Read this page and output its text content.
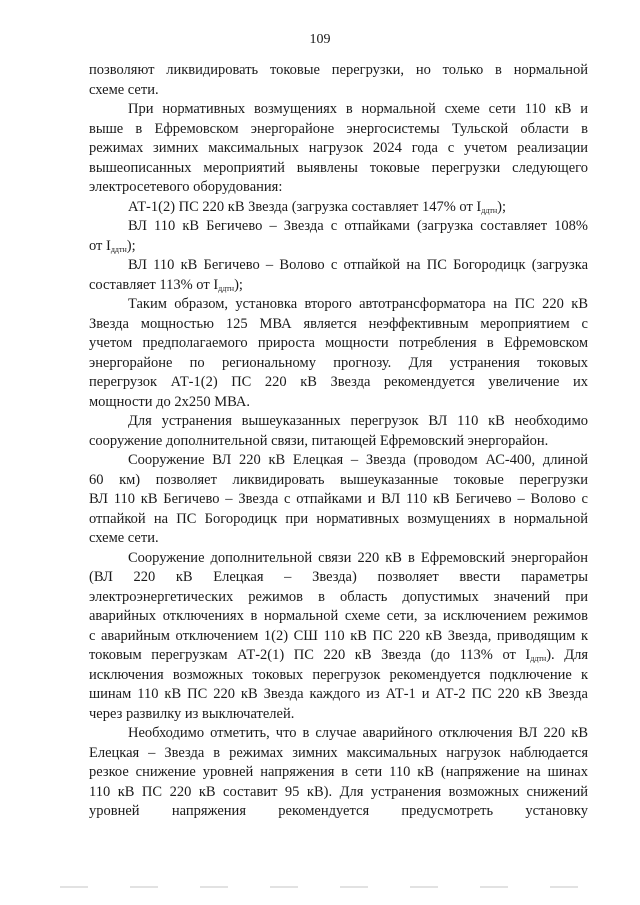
109
позволяют ликвидировать токовые перегрузки, но только в нормальной
схеме сети.
При нормативных возмущениях в нормальной схеме сети 110 кВ и
выше в Ефремовском энергорайоне энергосистемы Тульской области в
режимах зимних максимальных нагрузок 2024 года с учетом реализации
вышеописанных мероприятий выявлены токовые перегрузки следующего
электросетевого оборудования:
АТ-1(2) ПС 220 кВ Звезда (загрузка составляет 147% от $I_{ддтн}$);
ВЛ 110 кВ Бегичево – Звезда с отпайками (загрузка составляет 108%
от $I_{ддтн}$);
ВЛ 110 кВ Бегичево – Волово с отпайкой на ПС Богородицк (загрузка
составляет 113% от $I_{ддтн}$);
Таким образом, установка второго автотрансформатора на ПС 220 кВ
Звезда мощностью 125 МВА является неэффективным мероприятием с
учетом предполагаемого прироста мощности потребления в Ефремовском
энергорайоне по региональному прогнозу. Для устранения токовых
перегрузок АТ-1(2) ПС 220 кВ Звезда рекомендуется увеличение их
мощности до 2х250 МВА.
Для устранения вышеуказанных перегрузок ВЛ 110 кВ необходимо
сооружение дополнительной связи, питающей Ефремовский энергорайон.
Сооружение ВЛ 220 кВ Елецкая – Звезда (проводом АС-400, длиной
60 км) позволяет ликвидировать вышеуказанные токовые перегрузки
ВЛ 110 кВ Бегичево – Звезда с отпайками и ВЛ 110 кВ Бегичево – Волово с
отпайкой на ПС Богородицк при нормативных возмущениях в нормальной
схеме сети.
Сооружение дополнительной связи 220 кВ в Ефремовский энергорайон
(ВЛ 220 кВ Елецкая – Звезда) позволяет ввести параметры
электроэнергетических режимов в область допустимых значений при
аварийных отключениях в нормальной схеме сети, за исключением режимов
с аварийным отключением 1(2) СШ 110 кВ ПС 220 кВ Звезда, приводящим к
токовым перегрузкам АТ-2(1) ПС 220 кВ Звезда (до 113% от $I_{ддтн}$). Для
исключения возможных токовых перегрузок рекомендуется подключение к
шинам 110 кВ ПС 220 кВ Звезда каждого из АТ-1 и АТ-2 ПС 220 кВ Звезда
через развилку из выключателей.
Необходимо отметить, что в случае аварийного отключения ВЛ 220 кВ
Елецкая – Звезда в режимах зимних максимальных нагрузок наблюдается
резкое снижение уровней напряжения в сети 110 кВ (напряжение на шинах
110 кВ ПС 220 кВ составит 95 кВ). Для устранения возможных снижений
уровней напряжения рекомендуется предусмотреть установку
